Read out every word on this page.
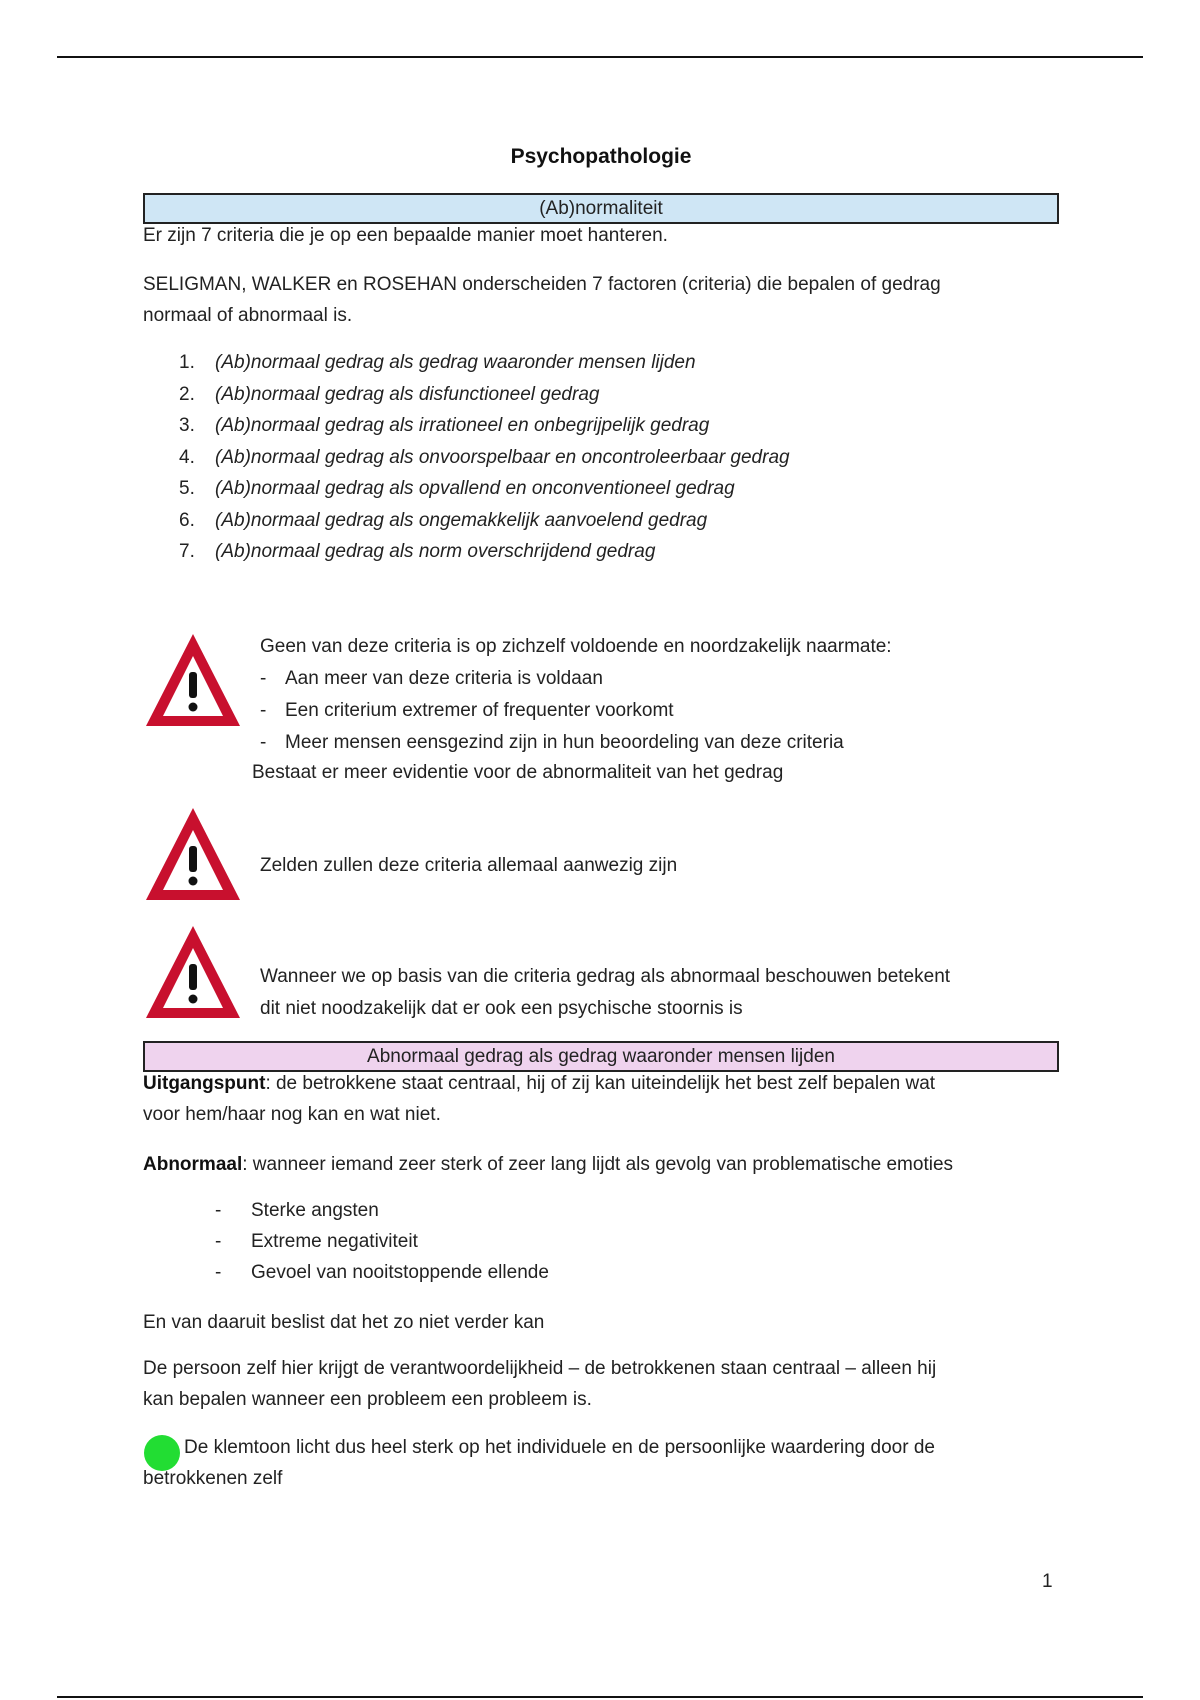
Psychopathologie
(Ab)normaliteit
Er zijn 7 criteria die je op een bepaalde manier moet hanteren.
SELIGMAN, WALKER en ROSEHAN onderscheiden 7 factoren (criteria) die bepalen of gedrag
normaal of abnormaal is.
1. (Ab)normaal gedrag als gedrag waaronder mensen lijden
2. (Ab)normaal gedrag als disfunctioneel gedrag
3. (Ab)normaal gedrag als irrationeel en onbegrijpelijk gedrag
4. (Ab)normaal gedrag als onvoorspelbaar en oncontroleerbaar gedrag
5. (Ab)normaal gedrag als opvallend en onconventioneel gedrag
6. (Ab)normaal gedrag als ongemakkelijk aanvoelend gedrag
7. (Ab)normaal gedrag als norm overschrijdend gedrag
Geen van deze criteria is op zichzelf voldoende en noordzakelijk naarmate:
- Aan meer van deze criteria is voldaan
- Een criterium extremer of frequenter voorkomt
- Meer mensen eensgezind zijn in hun beoordeling van deze criteria
Bestaat er meer evidentie voor de abnormaliteit van het gedrag
Zelden zullen deze criteria allemaal aanwezig zijn
Wanneer we op basis van die criteria gedrag als abnormaal beschouwen betekent
dit niet noodzakelijk dat er ook een psychische stoornis is
Abnormaal gedrag als gedrag waaronder mensen lijden
Uitgangspunt: de betrokkene staat centraal, hij of zij kan uiteindelijk het best zelf bepalen wat
voor hem/haar nog kan en wat niet.
Abnormaal: wanneer iemand zeer sterk of zeer lang lijdt als gevolg van problematische emoties
- Sterke angsten
- Extreme negativiteit
- Gevoel van nooitstoppende ellende
En van daaruit beslist dat het zo niet verder kan
De persoon zelf hier krijgt de verantwoordelijkheid – de betrokkenen staan centraal – alleen hij
kan bepalen wanneer een probleem een probleem is.
De klemtoon licht dus heel sterk op het individuele en de persoonlijke waardering door de
betrokkenen zelf
1
